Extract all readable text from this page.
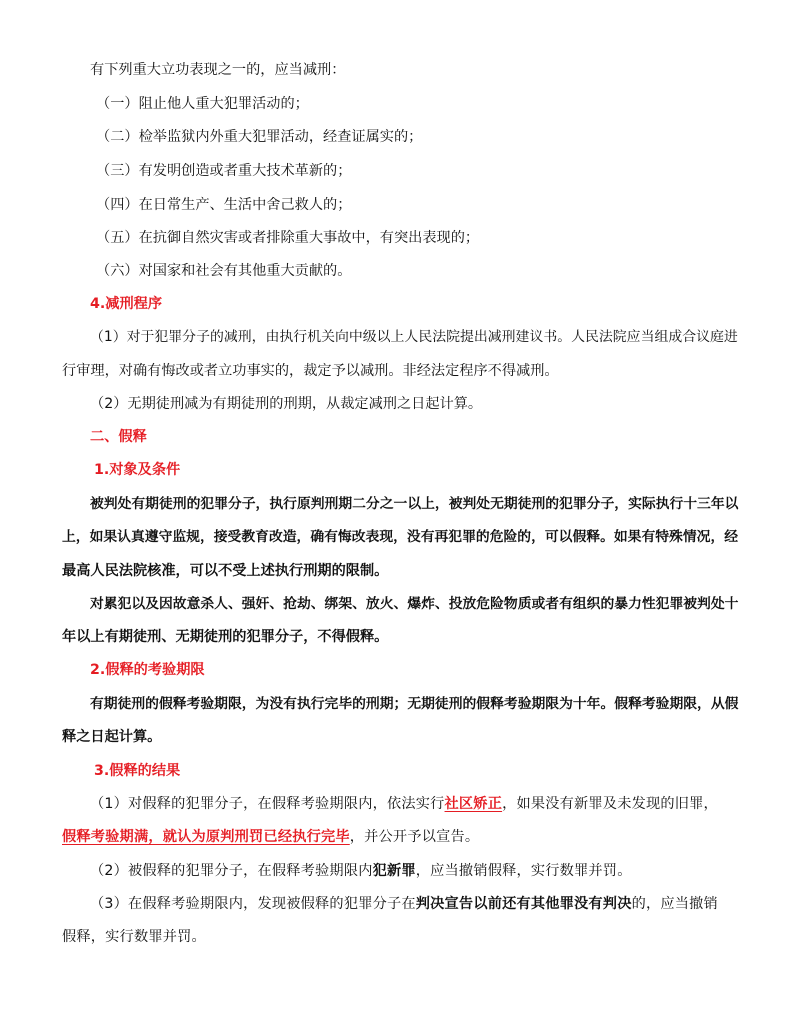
有下列重大立功表现之一的，应当减刑：
（一）阻止他人重大犯罪活动的；
（二）检举监狱内外重大犯罪活动，经查证属实的；
（三）有发明创造或者重大技术革新的；
（四）在日常生产、生活中舍己救人的；
（五）在抗御自然灾害或者排除重大事故中，有突出表现的；
（六）对国家和社会有其他重大贡献的。
4.减刑程序
（1）对于犯罪分子的减刑，由执行机关向中级以上人民法院提出减刑建议书。人民法院应当组成合议庭进
行审理，对确有悔改或者立功事实的，裁定予以减刑。非经法定程序不得减刑。
（2）无期徒刑减为有期徒刑的刑期，从裁定减刑之日起计算。
二、假释
1.对象及条件
被判处有期徒刑的犯罪分子，执行原判刑期二分之一以上，被判处无期徒刑的犯罪分子，实际执行十三年以
上，如果认真遵守监规，接受教育改造，确有悔改表现，没有再犯罪的危险的，可以假释。如果有特殊情况，经
最高人民法院核准，可以不受上述执行刑期的限制。
对累犯以及因故意杀人、强奸、抢劫、绑架、放火、爆炸、投放危险物质或者有组织的暴力性犯罪被判处十
年以上有期徒刑、无期徒刑的犯罪分子，不得假释。
2.假释的考验期限
有期徒刑的假释考验期限，为没有执行完毕的刑期；无期徒刑的假释考验期限为十年。假释考验期限，从假
释之日起计算。
3.假释的结果
（1）对假释的犯罪分子，在假释考验期限内，依法实行社区矫正，如果没有新罪及未发现的旧罪，
假释考验期满，就认为原判刑罚已经执行完毕，并公开予以宣告。
（2）被假释的犯罪分子，在假释考验期限内犯新罪，应当撤销假释，实行数罪并罚。
（3）在假释考验期限内，发现被假释的犯罪分子在判决宣告以前还有其他罪没有判决的，应当撤销
假释，实行数罪并罚。
